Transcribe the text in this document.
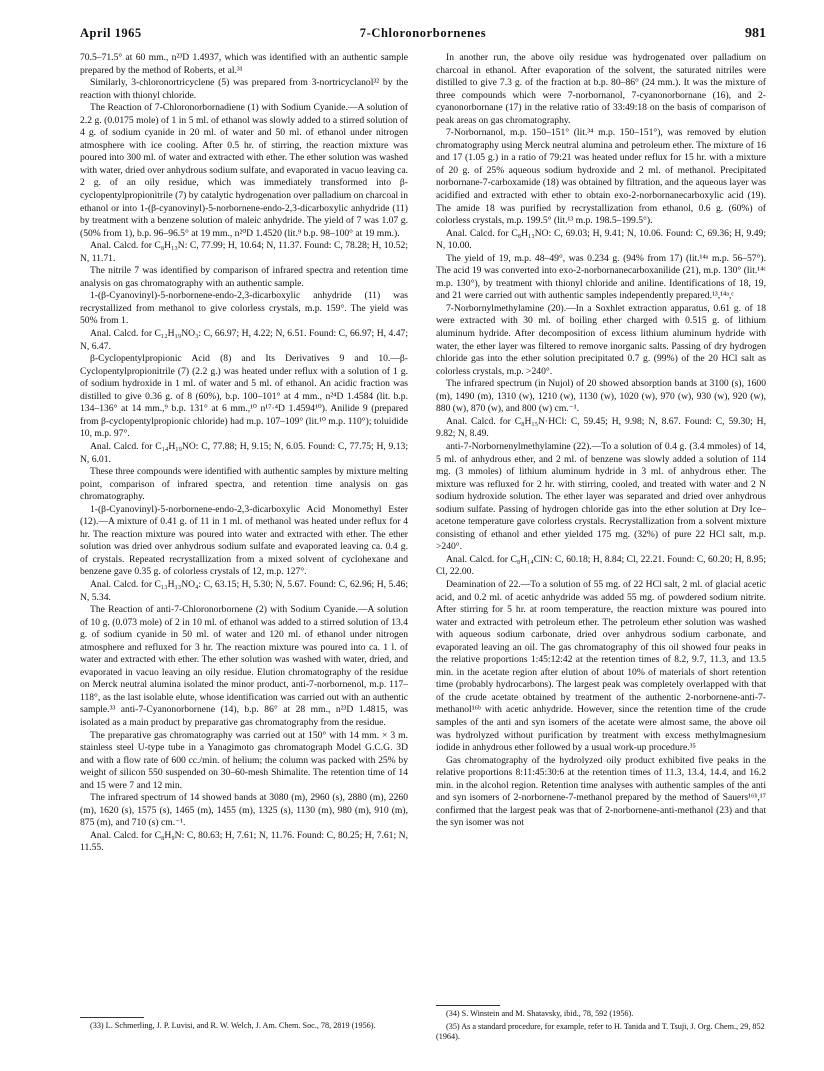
April 1965	7-Chloronorbornenes	981

70.5–71.5° at 60 mm., n²³D 1.4937, which was identified with an authentic sample prepared by the method of Roberts, et al.³¹

Similarly, 3-chloronortricyclene (5) was prepared from 3-nortricyclanol³² by the reaction with thionyl chloride.

The Reaction of 7-Chloronorbornadiene (1) with Sodium Cyanide.—A solution of 2.2 g. (0.0175 mole) of 1 in 5 ml. of ethanol was slowly added to a stirred solution of 4 g. of sodium cyanide in 20 ml. of water and 50 ml. of ethanol under nitrogen atmosphere with ice cooling. After 0.5 hr. of stirring, the reaction mixture was poured into 300 ml. of water and extracted with ether. The ether solution was washed with water, dried over anhydrous sodium sulfate, and evaporated in vacuo leaving ca. 2 g. of an oily residue, which was immediately transformed into β-cyclopentylpropionitrile (7) by catalytic hydrogenation over palladium on charcoal in ethanol or into 1-(β-cyanovinyl)-5-norbornene-endo-2,3-dicarboxylic anhydride (11) by treatment with a benzene solution of maleic anhydride. The yield of 7 was 1.07 g. (50% from 1), b.p. 96–96.5° at 19 mm., n²⁰D 1.4520 (lit.⁹ b.p. 98–100° at 19 mm.).

Anal. Calcd. for C₈H₁₃N: C, 77.99; H, 10.64; N, 11.37. Found: C, 78.28; H, 10.52; N, 11.71.

The nitrile 7 was identified by comparison of infrared spectra and retention time analysis on gas chromatography with an authentic sample.

1-(β-Cyanovinyl)-5-norbornene-endo-2,3-dicarboxylic anhydride (11) was recrystallized from methanol to give colorless crystals, m.p. 159°. The yield was 50% from 1.

Anal. Calcd. for C₁₂H₁₉NO₃: C, 66.97; H, 4.22; N, 6.51. Found: C, 66.97; H, 4.47; N, 6.47.

β-Cyclopentylpropionic Acid (8) and Its Derivatives 9 and 10.—β-Cyclopentylpropionitrile (7) (2.2 g.) was heated under reflux with a solution of 1 g. of sodium hydroxide in 1 ml. of water and 5 ml. of ethanol. An acidic fraction was distilled to give 0.36 g. of 8 (60%), b.p. 100–101° at 4 mm., n²⁴D 1.4584 (lit. b.p. 134–136° at 14 mm.,⁹ b.p. 131° at 6 mm.,¹⁰ n¹⁷·⁴D 1.4594¹⁰). Anilide 9 (prepared from β-cyclopentylpropionic chloride) had m.p. 107–109° (lit.¹⁰ m.p. 110°); toluidide 10, m.p. 97°.

Anal. Calcd. for C₁₄H₁₉NO: C, 77.88; H, 9.15; N, 6.05. Found: C, 77.75; H, 9.13; N, 6.01.

These three compounds were identified with authentic samples by mixture melting point, comparison of infrared spectra, and retention time analysis on gas chromatography.

1-(β-Cyanovinyl)-5-norbornene-endo-2,3-dicarboxylic Acid Monomethyl Ester (12).—A mixture of 0.41 g. of 11 in 1 ml. of methanol was heated under reflux for 4 hr. The reaction mixture was poured into water and extracted with ether. The ether solution was dried over anhydrous sodium sulfate and evaporated leaving ca. 0.4 g. of crystals. Repeated recrystallization from a mixed solvent of cyclohexane and benzene gave 0.35 g. of colorless crystals of 12, m.p. 127°.

Anal. Calcd. for C₁₃H₁₃NO₄: C, 63.15; H, 5.30; N, 5.67. Found: C, 62.96; H, 5.46; N, 5.34.

The Reaction of anti-7-Chloronorbornene (2) with Sodium Cyanide.—A solution of 10 g. (0.073 mole) of 2 in 10 ml. of ethanol was added to a stirred solution of 13.4 g. of sodium cyanide in 50 ml. of water and 120 ml. of ethanol under nitrogen atmosphere and refluxed for 3 hr. The reaction mixture was poured into ca. 1 l. of water and extracted with ether. The ether solution was washed with water, dried, and evaporated in vacuo leaving an oily residue. Elution chromatography of the residue on Merck neutral alumina isolated the minor product, anti-7-norbornenol, m.p. 117–118°, as the last isolable elute, whose identification was carried out with an authentic sample.³³ anti-7-Cyanonorbornene (14), b.p. 86° at 28 mm., n²³D 1.4815, was isolated as a main product by preparative gas chromatography from the residue.

The preparative gas chromatography was carried out at 150° with 14 mm. × 3 m. stainless steel U-type tube in a Yanagimoto gas chromatograph Model G.C.G. 3D and with a flow rate of 600 cc./min. of helium; the column was packed with 25% by weight of silicon 550 suspended on 30–60-mesh Shimalite. The retention time of 14 and 15 were 7 and 12 min.

The infrared spectrum of 14 showed bands at 3080 (m), 2960 (s), 2880 (m), 2260 (m), 1620 (s), 1575 (s), 1465 (m), 1455 (m), 1325 (s), 1130 (m), 980 (m), 910 (m), 875 (m), and 710 (s) cm.⁻¹.

Anal. Calcd. for C₈H₉N: C, 80.63; H, 7.61; N, 11.76. Found: C, 80.25; H, 7.61; N, 11.55.

In another run, the above oily residue was hydrogenated over palladium on charcoal in ethanol. After evaporation of the solvent, the saturated nitriles were distilled to give 7.3 g. of the fraction at b.p. 80–86° (24 mm.). It was the mixture of three compounds which were 7-norbornanol, 7-cyanonorbornane (16), and 2-cyanonorbornane (17) in the relative ratio of 33:49:18 on the basis of comparison of peak areas on gas chromatography.

7-Norbornanol, m.p. 150–151° (lit.³⁴ m.p. 150–151°), was removed by elution chromatography using Merck neutral alumina and petroleum ether. The mixture of 16 and 17 (1.05 g.) in a ratio of 79:21 was heated under reflux for 15 hr. with a mixture of 20 g. of 25% aqueous sodium hydroxide and 2 ml. of methanol. Precipitated norbornane-7-carboxamide (18) was obtained by filtration, and the aqueous layer was acidified and extracted with ether to obtain exo-2-norbornanecarboxylic acid (19). The amide 18 was purified by recrystallization from ethanol, 0.6 g. (60%) of colorless crystals, m.p. 199.5° (lit.¹³ m.p. 198.5–199.5°).

Anal. Calcd. for C₈H₁₃NO: C, 69.03; H, 9.41; N, 10.06. Found: C, 69.36; H, 9.49; N, 10.00.

The yield of 19, m.p. 48–49°, was 0.234 g. (94% from 17) (lit.¹⁴ᵃ m.p. 56–57°). The acid 19 was converted into exo-2-norbornanecarboxanilide (21), m.p. 130° (lit.¹⁴ᶜ m.p. 130°), by treatment with thionyl chloride and aniline. Identifications of 18, 19, and 21 were carried out with authentic samples independently prepared.¹³,¹⁴ᵃ,ᶜ

7-Norbornylmethylamine (20).—In a Soxhlet extraction apparatus, 0.61 g. of 18 were extracted with 30 ml. of boiling ether charged with 0.515 g. of lithium aluminum hydride. After decomposition of excess lithium aluminum hydride with water, the ether layer was filtered to remove inorganic salts. Passing of dry hydrogen chloride gas into the ether solution precipitated 0.7 g. (99%) of the 20 HCl salt as colorless crystals, m.p. >240°.

The infrared spectrum (in Nujol) of 20 showed absorption bands at 3100 (s), 1600 (m), 1490 (m), 1310 (w), 1210 (w), 1130 (w), 1020 (w), 970 (w), 930 (w), 920 (w), 880 (w), 870 (w), and 800 (w) cm.⁻¹.

Anal. Calcd. for C₈H₁₅N·HCl: C, 59.45; H, 9.98; N, 8.67. Found: C, 59.30; H, 9.82; N, 8.49.

anti-7-Norbornenylmethylamine (22).—To a solution of 0.4 g. (3.4 mmoles) of 14, 5 ml. of anhydrous ether, and 2 ml. of benzene was slowly added a solution of 114 mg. (3 mmoles) of lithium aluminum hydride in 3 ml. of anhydrous ether. The mixture was refluxed for 2 hr. with stirring, cooled, and treated with water and 2 N sodium hydroxide solution. The ether layer was separated and dried over anhydrous sodium sulfate. Passing of hydrogen chloride gas into the ether solution at Dry Ice–acetone temperature gave colorless crystals. Recrystallization from a solvent mixture consisting of ethanol and ether yielded 175 mg. (32%) of pure 22 HCl salt, m.p. >240°.

Anal. Calcd. for C₈H₁₄ClN: C, 60.18; H, 8.84; Cl, 22.21. Found: C, 60.20; H, 8.95; Cl, 22.00.

Deamination of 22.—To a solution of 55 mg. of 22 HCl salt, 2 ml. of glacial acetic acid, and 0.2 ml. of acetic anhydride was added 55 mg. of powdered sodium nitrite. After stirring for 5 hr. at room temperature, the reaction mixture was poured into water and extracted with petroleum ether. The petroleum ether solution was washed with aqueous sodium carbonate, dried over anhydrous sodium carbonate, and evaporated leaving an oil. The gas chromatography of this oil showed four peaks in the relative proportions 1:45:12:42 at the retention times of 8.2, 9.7, 11.3, and 13.5 min. in the acetate region after elution of about 10% of materials of short retention time (probably hydrocarbons). The largest peak was completely overlapped with that of the crude acetate obtained by treatment of the authentic 2-norbornene-anti-7-methanol¹⁶ᵇ with acetic anhydride. However, since the retention time of the crude samples of the anti and syn isomers of the acetate were almost same, the above oil was hydrolyzed without purification by treatment with excess methylmagnesium iodide in anhydrous ether followed by a usual work-up procedure.³⁵

Gas chromatography of the hydrolyzed oily product exhibited five peaks in the relative proportions 8:11:45:30:6 at the retention times of 11.3, 13.4, 14.4, and 16.2 min. in the alcohol region. Retention time analyses with authentic samples of the anti and syn isomers of 2-norbornene-7-methanol prepared by the method of Sauers¹⁶ᵇ,¹⁷ confirmed that the largest peak was that of 2-norbornene-anti-methanol (23) and that the syn isomer was not

(33) L. Schmerling, J. P. Luvisi, and R. W. Welch, J. Am. Chem. Soc., 78, 2819 (1956).

(34) S. Winstein and M. Shatavsky, ibid., 78, 592 (1956).

(35) As a standard procedure, for example, refer to H. Tanida and T. Tsuji, J. Org. Chem., 29, 852 (1964).
